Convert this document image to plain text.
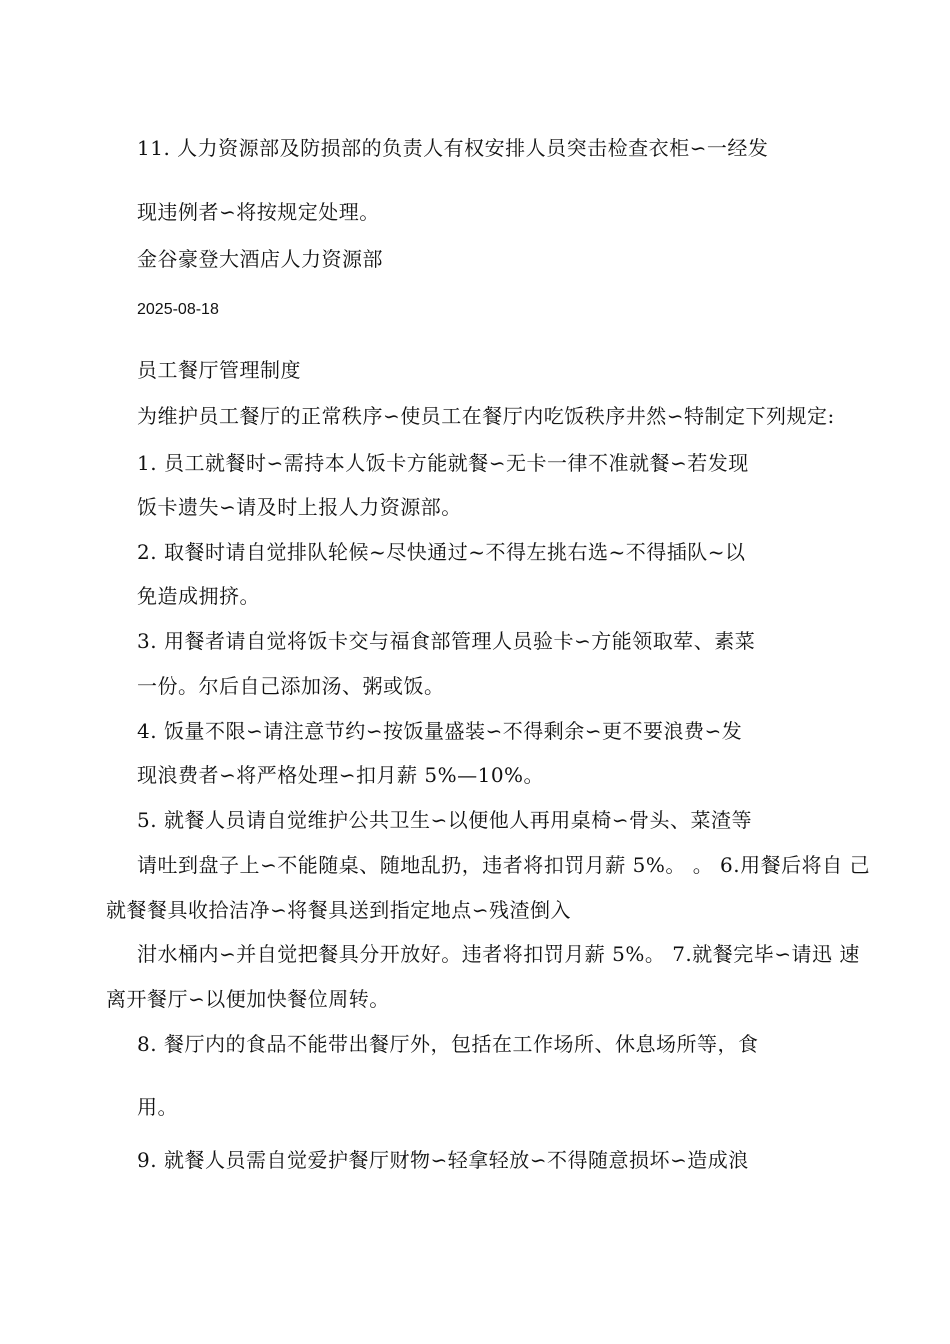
11. 人力资源部及防损部的负责人有权安排人员突击检查衣柜∽一经发
现违例者∽将按规定处理。
金谷豪登大酒店人力资源部
2025-08-18
员工餐厅管理制度
为维护员工餐厅的正常秩序∽使员工在餐厅内吃饭秩序井然∽特制定下列规定:
1. 员工就餐时∽需持本人饭卡方能就餐∽无卡一律不准就餐∽若发现
饭卡遗失∽请及时上报人力资源部。
2. 取餐时请自觉排队轮候~尽快通过~不得左挑右选~不得插队~以
免造成拥挤。
3. 用餐者请自觉将饭卡交与福食部管理人员验卡∽方能领取荤、素菜
一份。尔后自己添加汤、粥或饭。
4. 饭量不限∽请注意节约∽按饭量盛装∽不得剩余∽更不要浪费∽发
现浪费者∽将严格处理∽扣月薪 5%—10%。
5. 就餐人员请自觉维护公共卫生∽以便他人再用桌椅∽骨头、菜渣等
请吐到盘子上∽不能随桌、随地乱扔，违者将扣罚月薪 5%。 。 6.用餐后将自 己
就餐餐具收拾洁净∽将餐具送到指定地点∽残渣倒入
泔水桶内∽并自觉把餐具分开放好。违者将扣罚月薪 5%。 7.就餐完毕∽请迅 速
离开餐厅∽以便加快餐位周转。
8. 餐厅内的食品不能带出餐厅外，包括在工作场所、休息场所等，食
用。
9. 就餐人员需自觉爱护餐厅财物∽轻拿轻放∽不得随意损坏∽造成浪
